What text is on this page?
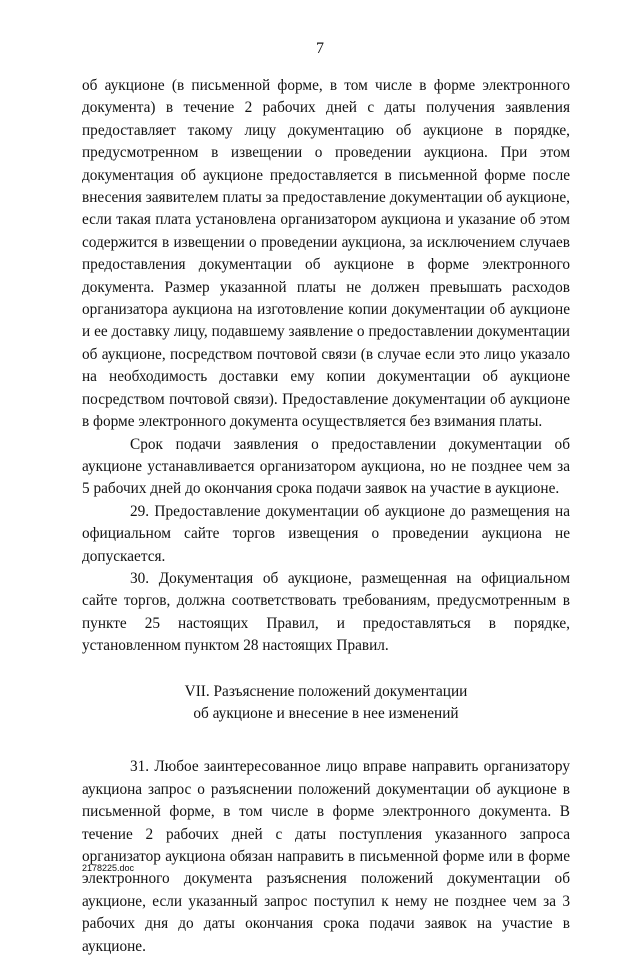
7

об аукционе (в письменной форме, в том числе в форме электронного документа) в течение 2 рабочих дней с даты получения заявления предоставляет такому лицу документацию об аукционе в порядке, предусмотренном в извещении о проведении аукциона. При этом документация об аукционе предоставляется в письменной форме после внесения заявителем платы за предоставление документации об аукционе, если такая плата установлена организатором аукциона и указание об этом содержится в извещении о проведении аукциона, за исключением случаев предоставления документации об аукционе в форме электронного документа. Размер указанной платы не должен превышать расходов организатора аукциона на изготовление копии документации об аукционе и ее доставку лицу, подавшему заявление о предоставлении документации об аукционе, посредством почтовой связи (в случае если это лицо указало на необходимость доставки ему копии документации об аукционе посредством почтовой связи). Предоставление документации об аукционе в форме электронного документа осуществляется без взимания платы.

Срок подачи заявления о предоставлении документации об аукционе устанавливается организатором аукциона, но не позднее чем за 5 рабочих дней до окончания срока подачи заявок на участие в аукционе.

29. Предоставление документации об аукционе до размещения на официальном сайте торгов извещения о проведении аукциона не допускается.

30. Документация об аукционе, размещенная на официальном сайте торгов, должна соответствовать требованиям, предусмотренным в пункте 25 настоящих Правил, и предоставляться в порядке, установленном пунктом 28 настоящих Правил.

VII. Разъяснение положений документации
об аукционе и внесение в нее изменений

31. Любое заинтересованное лицо вправе направить организатору аукциона запрос о разъяснении положений документации об аукционе в письменной форме, в том числе в форме электронного документа. В течение 2 рабочих дней с даты поступления указанного запроса организатор аукциона обязан направить в письменной форме или в форме электронного документа разъяснения положений документации об аукционе, если указанный запрос поступил к нему не позднее чем за 3 рабочих дня до даты окончания срока подачи заявок на участие в аукционе.

2178225.doc
